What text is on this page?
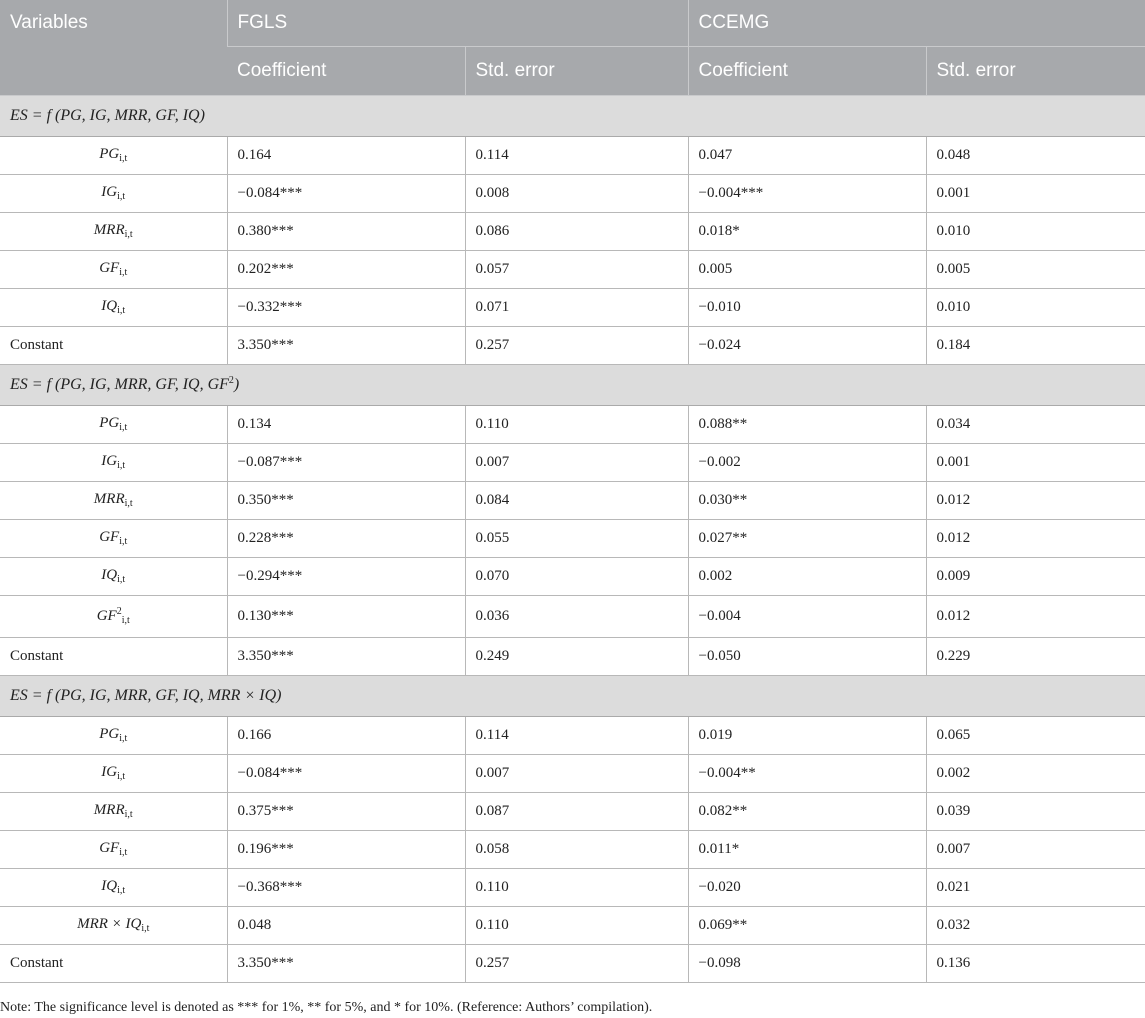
Variables	FGLS		CCEMG	
	Coefficient	Std. error	Coefficient	Std. error
ES = f (PG, IG, MRR, GF, IQ)				
$PG_{i,t}$	0.164	0.114	0.047	0.048
$IG_{i,t}$	−0.084***	0.008	−0.004***	0.001
$MRR_{i,t}$	0.380***	0.086	0.018*	0.010
$GF_{i,t}$	0.202***	0.057	0.005	0.005
$IQ_{i,t}$	−0.332***	0.071	−0.010	0.010
Constant	3.350***	0.257	−0.024	0.184
ES = f (PG, IG, MRR, GF, IQ, $GF^2$)				
$PG_{i,t}$	0.134	0.110	0.088**	0.034
$IG_{i,t}$	−0.087***	0.007	−0.002	0.001
$MRR_{i,t}$	0.350***	0.084	0.030**	0.012
$GF_{i,t}$	0.228***	0.055	0.027**	0.012
$IQ_{i,t}$	−0.294***	0.070	0.002	0.009
$GF^2_{i,t}$	0.130***	0.036	−0.004	0.012
Constant	3.350***	0.249	−0.050	0.229
ES = f (PG, IG, MRR, GF, IQ, MRR × IQ)				
$PG_{i,t}$	0.166	0.114	0.019	0.065
$IG_{i,t}$	−0.084***	0.007	−0.004**	0.002
$MRR_{i,t}$	0.375***	0.087	0.082**	0.039
$GF_{i,t}$	0.196***	0.058	0.011*	0.007
$IQ_{i,t}$	−0.368***	0.110	−0.020	0.021
MRR × $IQ_{i,t}$	0.048	0.110	0.069**	0.032
Constant	3.350***	0.257	−0.098	0.136
Note: The significance level is denoted as *** for 1%, ** for 5%, and * for 10%. (Reference: Authors’ compilation).
